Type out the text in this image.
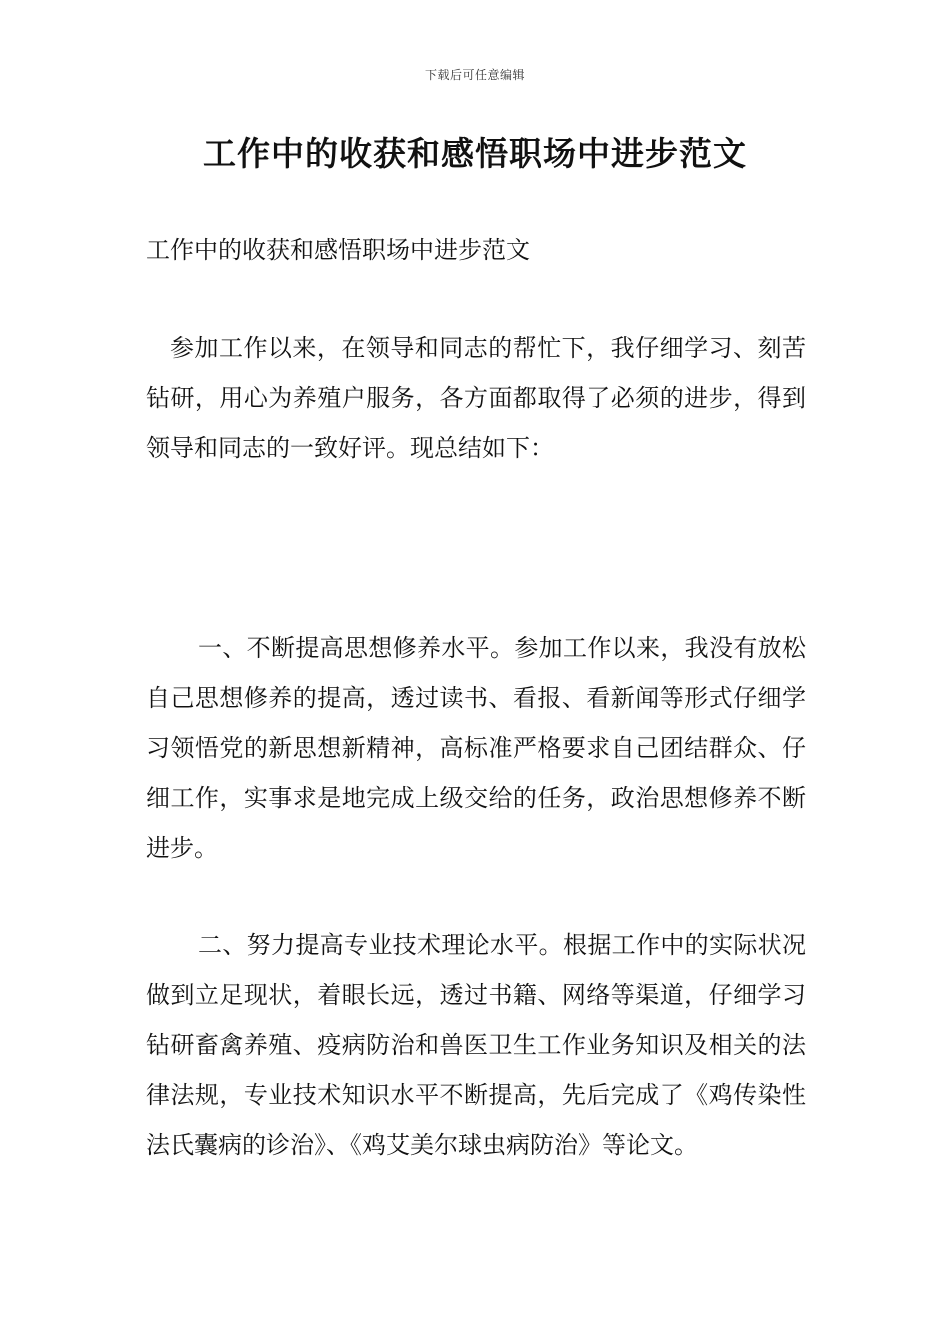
下载后可任意编辑
工作中的收获和感悟职场中进步范文

工作中的收获和感悟职场中进步范文

参加工作以来，在领导和同志的帮忙下，我仔细学习、刻苦钻研，用心为养殖户服务，各方面都取得了必须的进步，得到领导和同志的一致好评。现总结如下：

一、不断提高思想修养水平。参加工作以来，我没有放松自己思想修养的提高，透过读书、看报、看新闻等形式仔细学习领悟党的新思想新精神，高标准严格要求自己团结群众、仔细工作，实事求是地完成上级交给的任务，政治思想修养不断进步。

二、努力提高专业技术理论水平。根据工作中的实际状况做到立足现状，着眼长远，透过书籍、网络等渠道，仔细学习钻研畜禽养殖、疫病防治和兽医卫生工作业务知识及相关的法律法规，专业技术知识水平不断提高，先后完成了《鸡传染性法氏囊病的诊治》、《鸡艾美尔球虫病防治》等论文。
